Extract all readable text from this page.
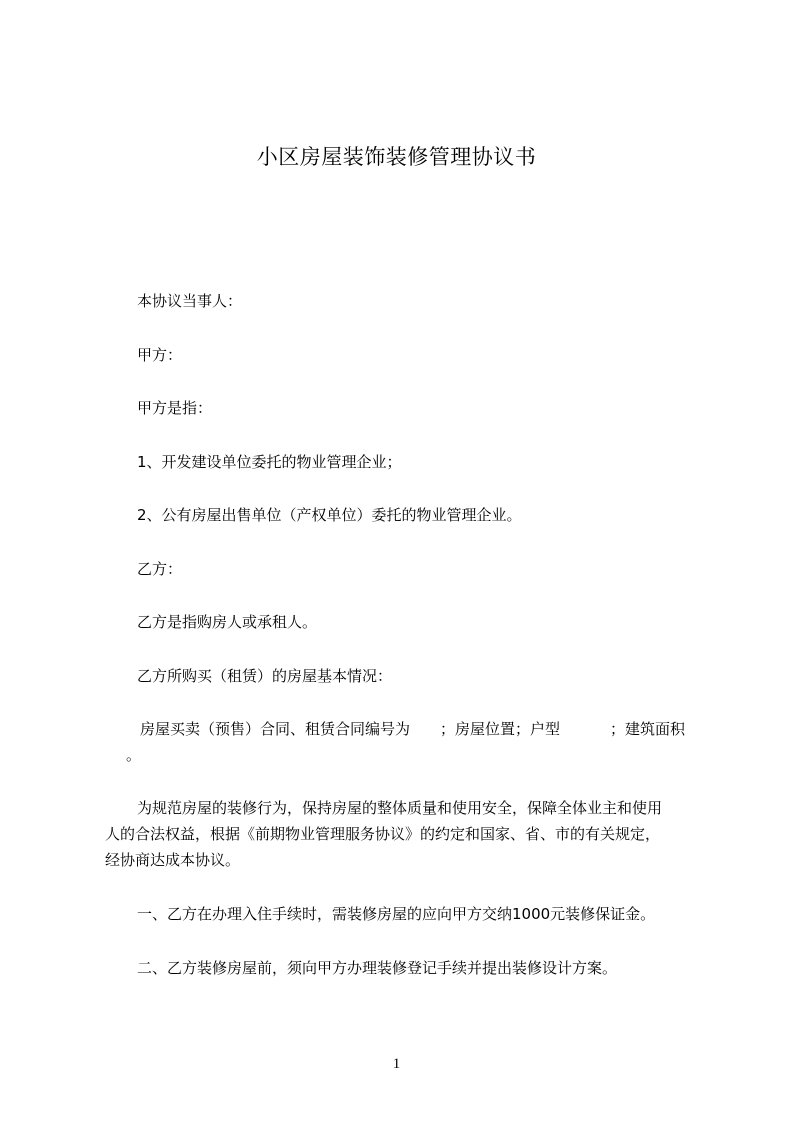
小区房屋装饰装修管理协议书
本协议当事人：
甲方：
甲方是指：
1、开发建设单位委托的物业管理企业；
2、公有房屋出售单位（产权单位）委托的物业管理企业。
乙方：
乙方是指购房人或承租人。
乙方所购买（租赁）的房屋基本情况：
房屋买卖（预售）合同、租赁合同编号为 ；房屋位置；户型	；建筑面积
。
为规范房屋的装修行为，保持房屋的整体质量和使用安全，保障全体业主和使用
人的合法权益，根据《前期物业管理服务协议》的约定和国家、省、市的有关规定，
经协商达成本协议。
一、乙方在办理入住手续时，需装修房屋的应向甲方交纳1000元装修保证金。
二、乙方装修房屋前，须向甲方办理装修登记手续并提出装修设计方案。
1
